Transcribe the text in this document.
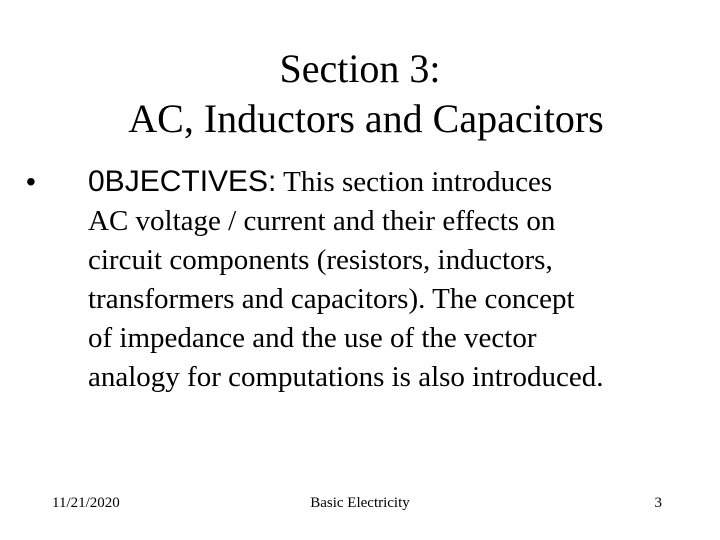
Section 3:
AC, Inductors and Capacitors
• 0BJECTIVES: This section introduces
AC voltage / current and their effects on
circuit components (resistors, inductors,
transformers and capacitors). The concept
of impedance and the use of the vector
analogy for computations is also introduced.
11/21/2020	Basic Electricity	3
